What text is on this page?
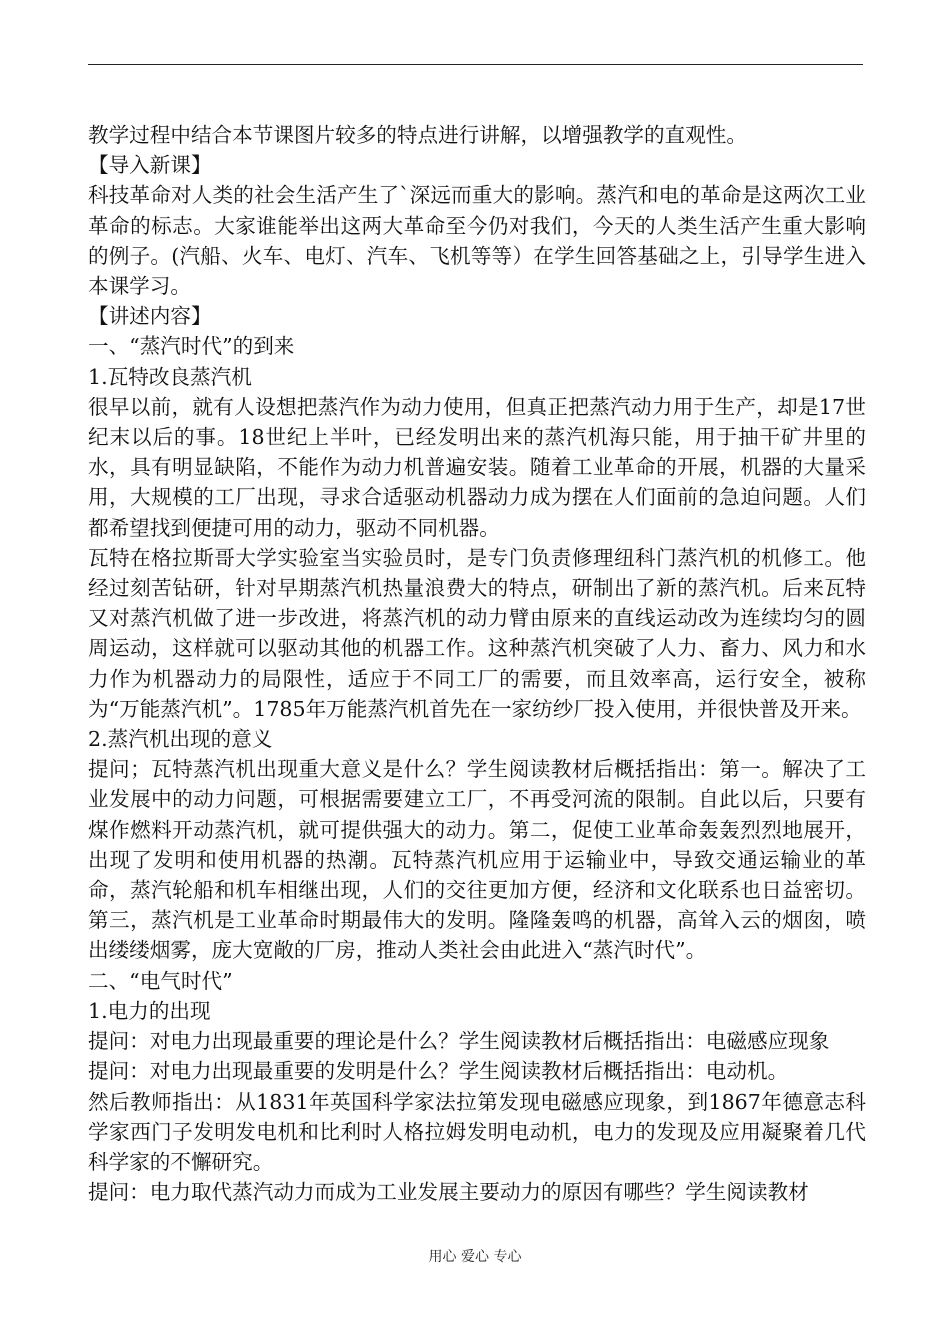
教学过程中结合本节课图片较多的特点进行讲解，以增强教学的直观性。

【导入新课】

科技革命对人类的社会生活产生了`深远而重大的影响。蒸汽和电的革命是这两次工业革命的标志。大家谁能举出这两大革命至今仍对我们，今天的人类生活产生重大影响的例子。(汽船、火车、电灯、汽车、飞机等等）在学生回答基础之上，引导学生进入本课学习。

【讲述内容】

一、“蒸汽时代”的到来

1.瓦特改良蒸汽机

很早以前，就有人设想把蒸汽作为动力使用，但真正把蒸汽动力用于生产，却是17世纪末以后的事。18世纪上半叶，已经发明出来的蒸汽机海只能，用于抽干矿井里的水，具有明显缺陷，不能作为动力机普遍安装。随着工业革命的开展，机器的大量采用，大规模的工厂出现，寻求合适驱动机器动力成为摆在人们面前的急迫问题。人们都希望找到便捷可用的动力，驱动不同机器。

瓦特在格拉斯哥大学实验室当实验员时，是专门负责修理纽科门蒸汽机的机修工。他经过刻苦钻研，针对早期蒸汽机热量浪费大的特点，研制出了新的蒸汽机。后来瓦特又对蒸汽机做了进一步改进，将蒸汽机的动力臂由原来的直线运动改为连续均匀的圆周运动，这样就可以驱动其他的机器工作。这种蒸汽机突破了人力、畜力、风力和水力作为机器动力的局限性，适应于不同工厂的需要，而且效率高，运行安全，被称为“万能蒸汽机”。1785年万能蒸汽机首先在一家纺纱厂投入使用，并很快普及开来。

2.蒸汽机出现的意义

提问；瓦特蒸汽机出现重大意义是什么？学生阅读教材后概括指出：第一。解决了工业发展中的动力问题，可根据需要建立工厂，不再受河流的限制。自此以后，只要有煤作燃料开动蒸汽机，就可提供强大的动力。第二，促使工业革命轰轰烈烈地展开，出现了发明和使用机器的热潮。瓦特蒸汽机应用于运输业中，导致交通运输业的革命，蒸汽轮船和机车相继出现，人们的交往更加方便，经济和文化联系也日益密切。第三，蒸汽机是工业革命时期最伟大的发明。隆隆轰鸣的机器，高耸入云的烟囱，喷出缕缕烟雾，庞大宽敞的厂房，推动人类社会由此进入“蒸汽时代”。

二、“电气时代”

1.电力的出现

提问：对电力出现最重要的理论是什么？学生阅读教材后概括指出：电磁感应现象

提问：对电力出现最重要的发明是什么？学生阅读教材后概括指出：电动机。

然后教师指出：从1831年英国科学家法拉第发现电磁感应现象，到1867年德意志科学家西门子发明发电机和比利时人格拉姆发明电动机，电力的发现及应用凝聚着几代科学家的不懈研究。

提问：电力取代蒸汽动力而成为工业发展主要动力的原因有哪些？学生阅读教材

用心 爱心 专心
